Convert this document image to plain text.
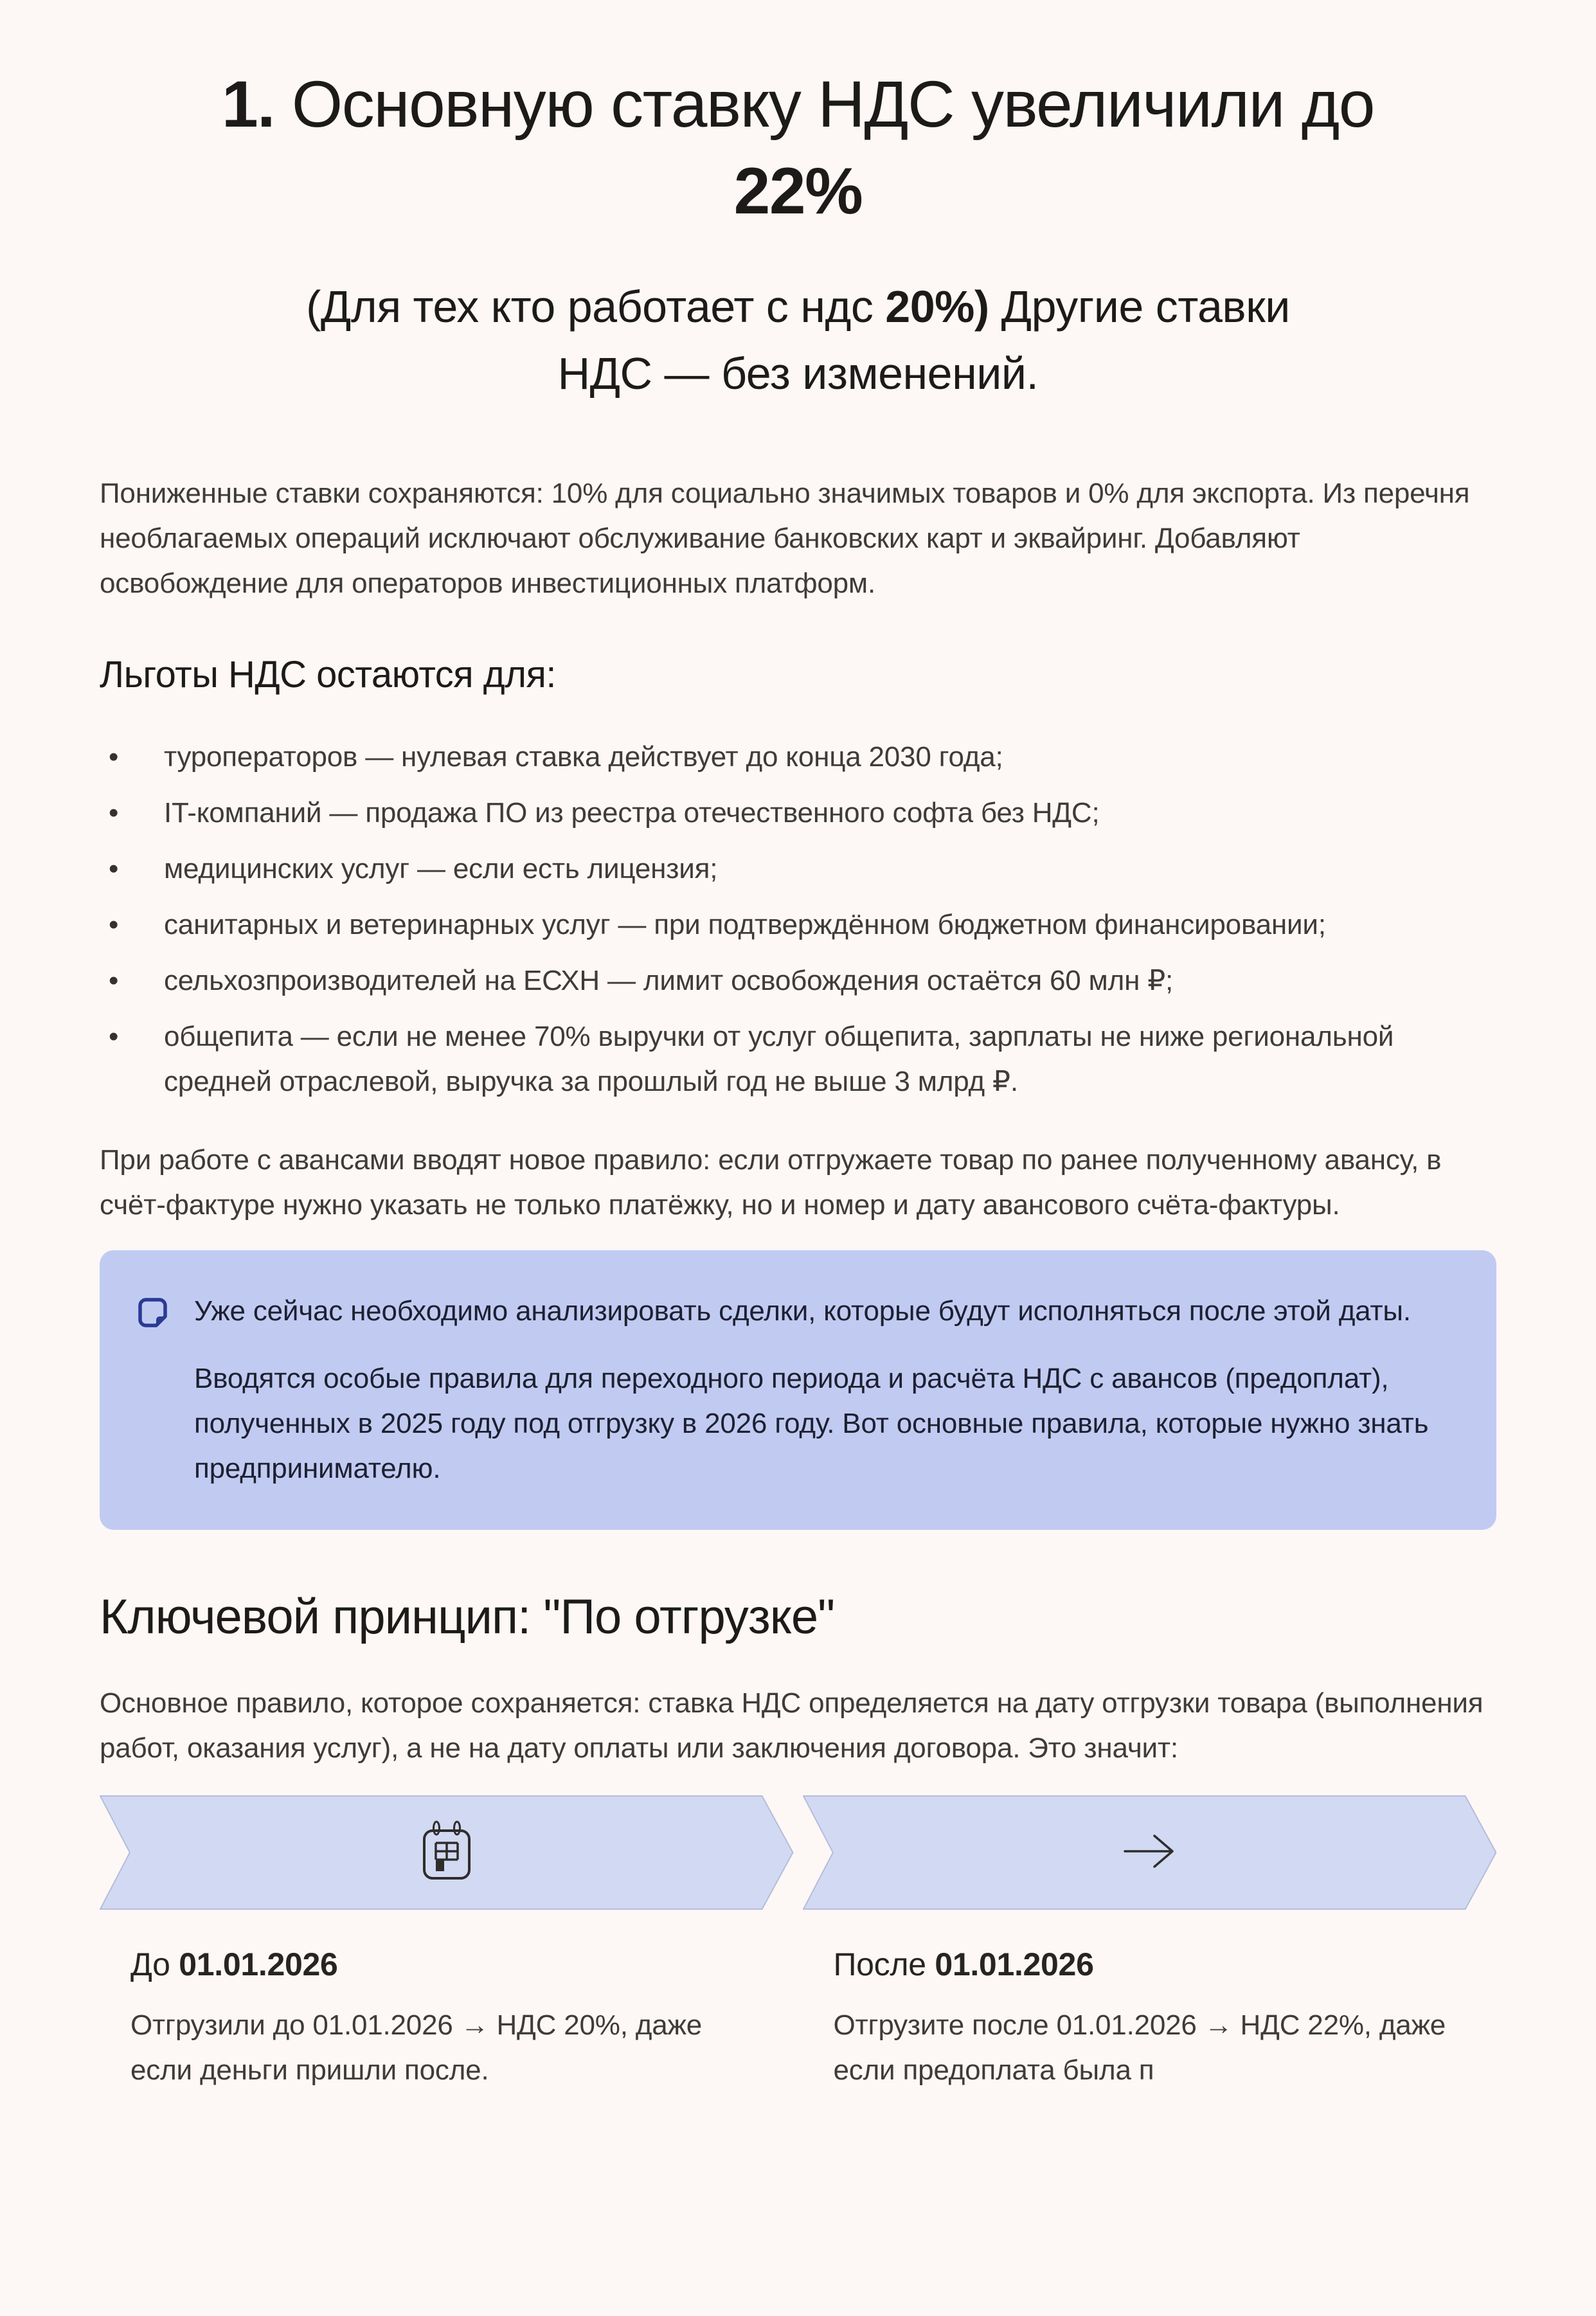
1. Основную ставку НДС увеличили до
22%
(Для тех кто работает с ндс 20%) Другие ставки
НДС — без изменений.

Пониженные ставки сохраняются: 10% для социально значимых товаров и 0% для экспорта. Из перечня необлагаемых операций исключают обслуживание банковских карт и эквайринг. Добавляют освобождение для операторов инвестиционных платформ.

Льготы НДС остаются для:
• туроператоров — нулевая ставка действует до конца 2030 года;
• IT-компаний — продажа ПО из реестра отечественного софта без НДС;
• медицинских услуг — если есть лицензия;
• санитарных и ветеринарных услуг — при подтверждённом бюджетном финансировании;
• сельхозпроизводителей на ЕСХН — лимит освобождения остаётся 60 млн ₽;
• общепита — если не менее 70% выручки от услуг общепита, зарплаты не ниже региональной средней отраслевой, выручка за прошлый год не выше 3 млрд ₽.

При работе с авансами вводят новое правило: если отгружаете товар по ранее полученному авансу, в счёт-фактуре нужно указать не только платёжку, но и номер и дату авансового счёта-фактуры.

Уже сейчас необходимо анализировать сделки, которые будут исполняться после этой даты.

Вводятся особые правила для переходного периода и расчёта НДС с авансов (предоплат), полученных в 2025 году под отгрузку в 2026 году. Вот основные правила, которые нужно знать предпринимателю.

Ключевой принцип: "По отгрузке"

Основное правило, которое сохраняется: ставка НДС определяется на дату отгрузки товара (выполнения работ, оказания услуг), а не на дату оплаты или заключения договора. Это значит:

До 01.01.2026

Отгрузили до 01.01.2026 → НДС 20%, даже если деньги пришли после.

После 01.01.2026

Отгрузите после 01.01.2026 → НДС 22%, даже если предоплата была п
